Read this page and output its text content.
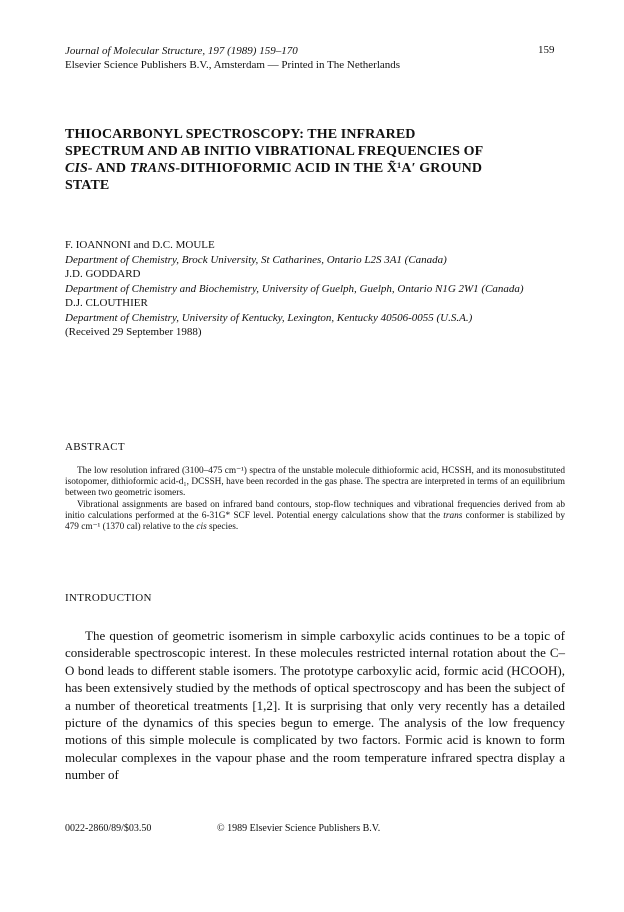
Journal of Molecular Structure, 197 (1989) 159–170
Elsevier Science Publishers B.V., Amsterdam — Printed in The Netherlands
159
THIOCARBONYL SPECTROSCOPY: THE INFRARED
SPECTRUM AND AB INITIO VIBRATIONAL FREQUENCIES OF
CIS- AND TRANS-DITHIOFORMIC ACID IN THE X̃¹A′ GROUND
STATE
F. IOANNONI and D.C. MOULE
Department of Chemistry, Brock University, St Catharines, Ontario L2S 3A1 (Canada)
J.D. GODDARD
Department of Chemistry and Biochemistry, University of Guelph, Guelph, Ontario N1G 2W1 (Canada)
D.J. CLOUTHIER
Department of Chemistry, University of Kentucky, Lexington, Kentucky 40506-0055 (U.S.A.)
(Received 29 September 1988)
ABSTRACT

The low resolution infrared (3100–475 cm⁻¹) spectra of the unstable molecule dithioformic acid, HCSSH, and its monosubstituted isotopomer, dithioformic acid-d₁, DCSSH, have been recorded in the gas phase. The spectra are interpreted in terms of an equilibrium between two geometric isomers.

Vibrational assignments are based on infrared band contours, stop-flow techniques and vibrational frequencies derived from ab initio calculations performed at the 6-31G* SCF level. Potential energy calculations show that the trans conformer is stabilized by 479 cm⁻¹ (1370 cal) relative to the cis species.

INTRODUCTION

The question of geometric isomerism in simple carboxylic acids continues to be a topic of considerable spectroscopic interest. In these molecules restricted internal rotation about the C–O bond leads to different stable isomers. The prototype carboxylic acid, formic acid (HCOOH), has been extensively studied by the methods of optical spectroscopy and has been the subject of a number of theoretical treatments [1,2]. It is surprising that only very recently has a detailed picture of the dynamics of this species begun to emerge. The analysis of the low frequency motions of this simple molecule is complicated by two factors. Formic acid is known to form molecular complexes in the vapour phase and the room temperature infrared spectra display a number of

0022-2860/89/$03.50	© 1989 Elsevier Science Publishers B.V.
